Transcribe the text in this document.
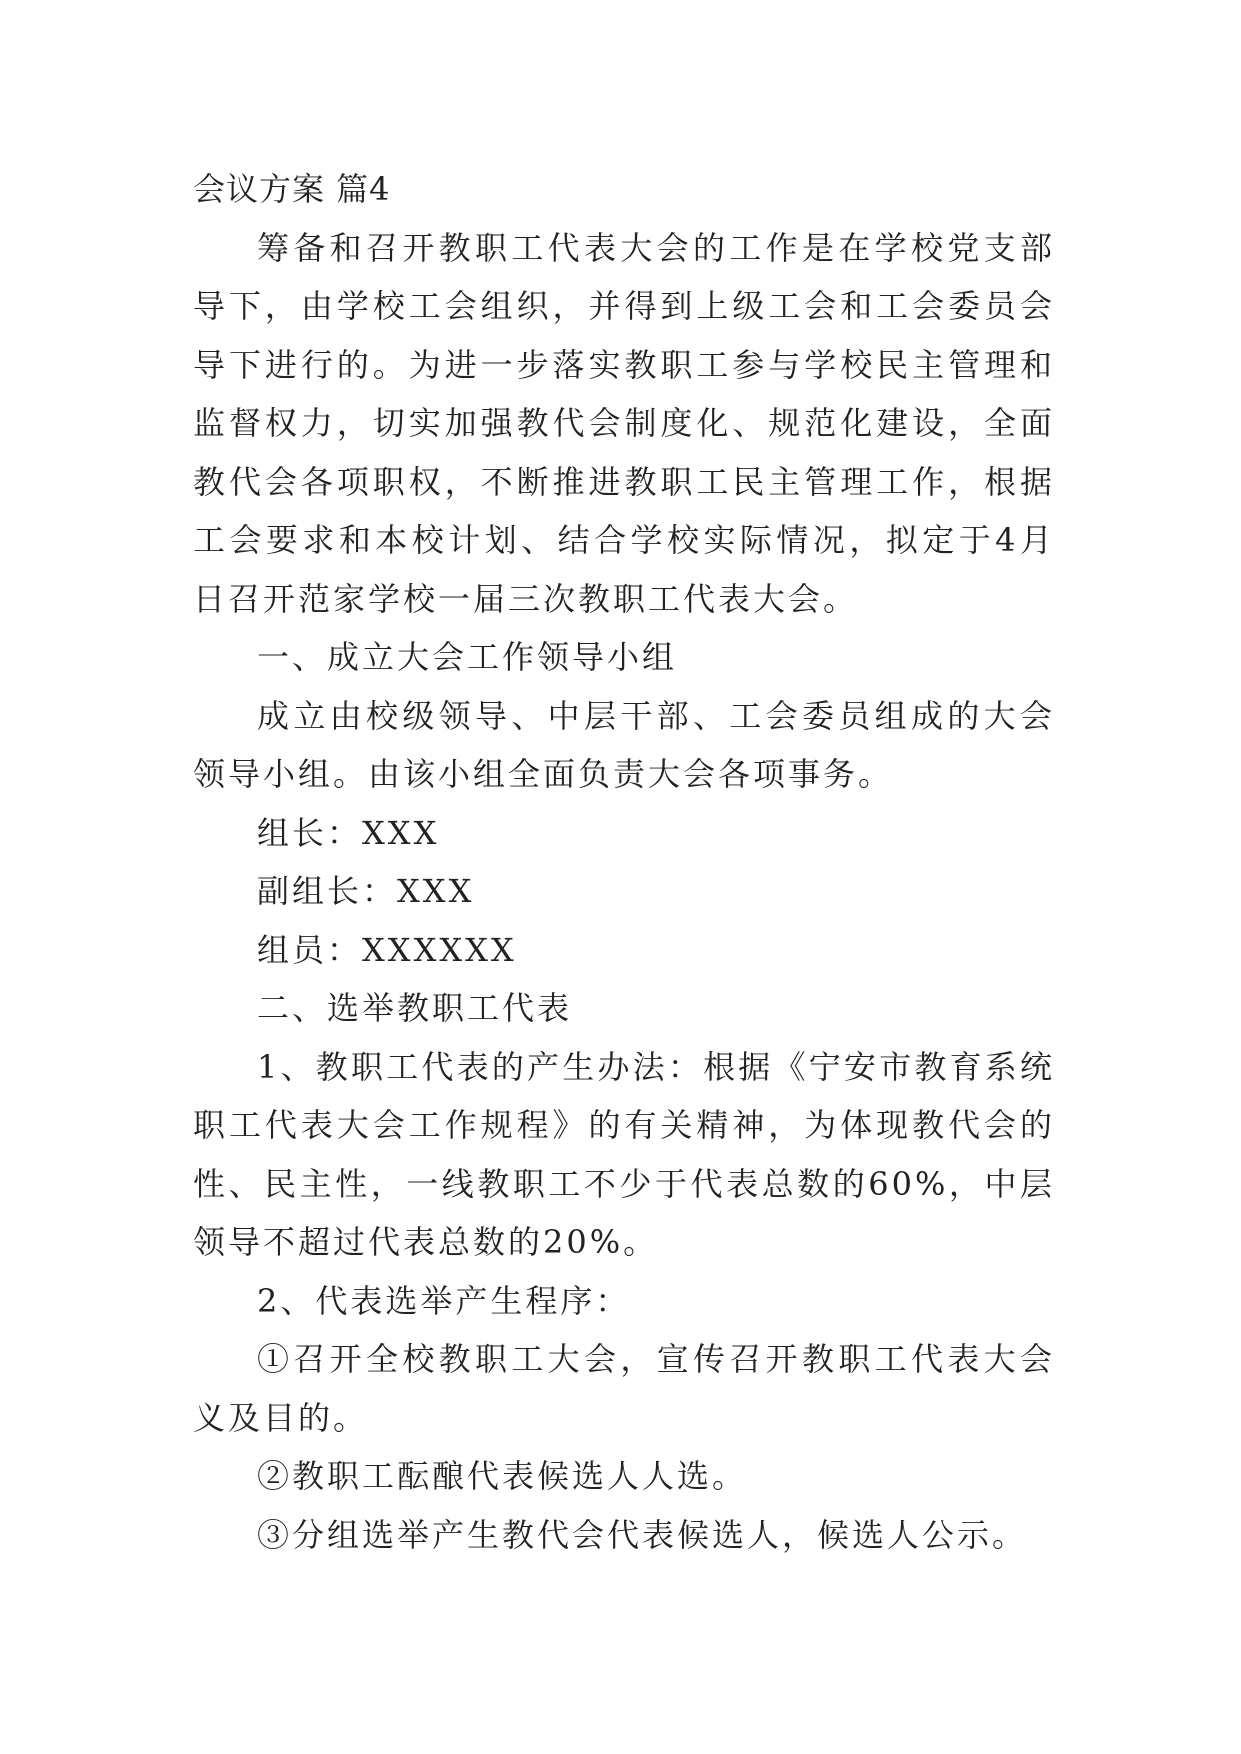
会议方案 篇4
筹备和召开教职工代表大会的工作是在学校党支部
导下，由学校工会组织，并得到上级工会和工会委员会
导下进行的。为进一步落实教职工参与学校民主管理和
监督权力，切实加强教代会制度化、规范化建设，全面
教代会各项职权，不断推进教职工民主管理工作，根据
工会要求和本校计划、结合学校实际情况，拟定于4月
日召开范家学校一届三次教职工代表大会。
一、成立大会工作领导小组
成立由校级领导、中层干部、工会委员组成的大会
领导小组。由该小组全面负责大会各项事务。
组长：XXX
副组长：XXX
组员：XXXXXX
二、选举教职工代表
1、教职工代表的产生办法：根据《宁安市教育系统
职工代表大会工作规程》的有关精神，为体现教代会的
性、民主性，一线教职工不少于代表总数的60%，中层
领导不超过代表总数的20%。
2、代表选举产生程序：
①召开全校教职工大会，宣传召开教职工代表大会
义及目的。
②教职工酝酿代表候选人人选。
③分组选举产生教代会代表候选人，候选人公示。
